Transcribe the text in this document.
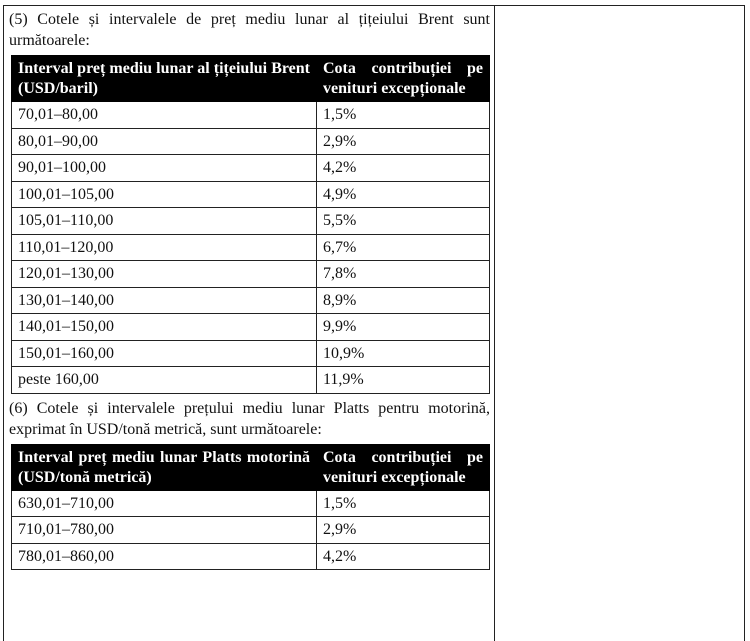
(5) Cotele și intervalele de preț mediu lunar al țițeiului Brent sunt următoarele:

Interval preț mediu lunar al țițeiului Brent (USD/baril)	Cota contribuției pe venituri excepționale
70,01–80,00	1,5%
80,01–90,00	2,9%
90,01–100,00	4,2%
100,01–105,00	4,9%
105,01–110,00	5,5%
110,01–120,00	6,7%
120,01–130,00	7,8%
130,01–140,00	8,9%
140,01–150,00	9,9%
150,01–160,00	10,9%
peste 160,00	11,9%

(6) Cotele și intervalele prețului mediu lunar Platts pentru motorină, exprimat în USD/tonă metrică, sunt următoarele:

Interval preț mediu lunar Platts motorină (USD/tonă metrică)	Cota contribuției pe venituri excepționale
630,01–710,00	1,5%
710,01–780,00	2,9%
780,01–860,00	4,2%
